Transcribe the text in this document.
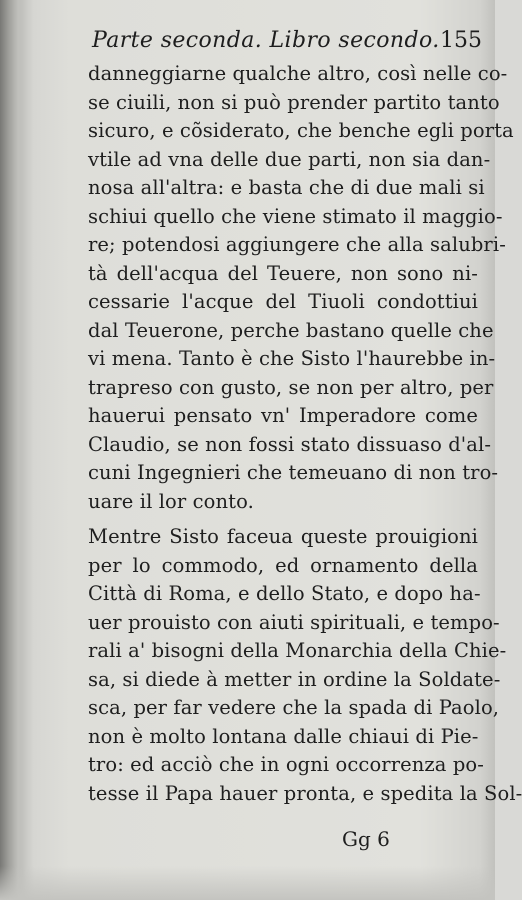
Parte seconda. Libro secondo. 155
danneggiarne qualche altro, così nelle co-
se ciuili, non si può prender partito tanto
sicuro, e cõsiderato, che benche egli porta
vtile ad vna delle due parti, non sia dan-
nosa all'altra: e basta che di due mali si
schiui quello che viene stimato il maggio-
re; potendosi aggiungere che alla salubri-
tà dell'acqua del Teuere, non sono ni-
cessarie l'acque del Tiuoli condottiui
dal Teuerone, perche bastano quelle che
vi mena. Tanto è che Sisto l'haurebbe in-
trapreso con gusto, se non per altro, per
hauerui pensato vn' Imperadore come
Claudio, se non fossi stato dissuaso d'al-
cuni Ingegnieri che temeuano di non tro-
uare il lor conto.
Mentre Sisto faceua queste prouigioni
per lo commodo, ed ornamento della
Città di Roma, e dello Stato, e dopo ha-
uer prouisto con aiuti spirituali, e tempo-
rali a' bisogni della Monarchia della Chie-
sa, si diede à metter in ordine la Soldate-
sca, per far vedere che la spada di Paolo,
non è molto lontana dalle chiaui di Pie-
tro: ed acciò che in ogni occorrenza po-
tesse il Papa hauer pronta, e spedita la Sol-
Gg 6
